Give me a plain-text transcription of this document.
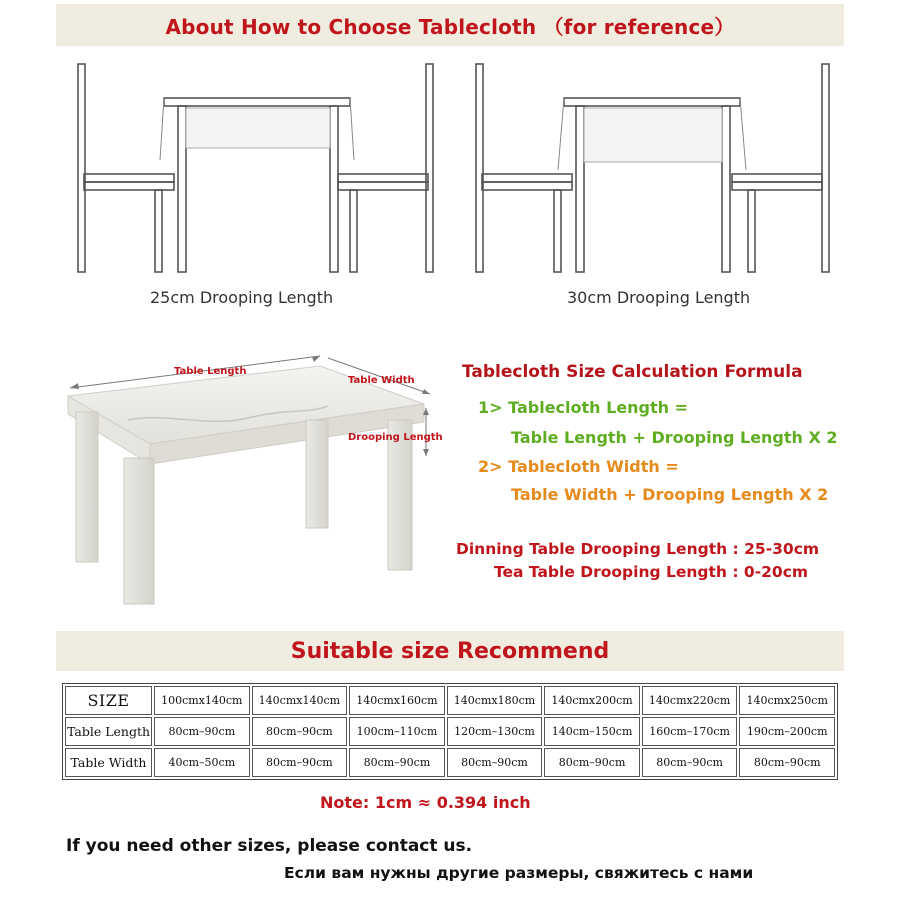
About How to Choose Tablecloth （for reference）
25cm Drooping Length	30cm Drooping Length
Table Length
Table Width
Drooping Length
Tablecloth Size Calculation Formula
1> Tablecloth Length =
Table Length + Drooping Length X 2
2> Tablecloth Width =
Table Width + Drooping Length X 2
Dinning Table Drooping Length : 25-30cm
Tea Table Drooping Length : 0-20cm
Suitable size Recommend
SIZE	100cmx140cm	140cmx140cm	140cmx160cm	140cmx180cm	140cmx200cm	140cmx220cm	140cmx250cm
Table Length	80cm–90cm	80cm–90cm	100cm–110cm	120cm–130cm	140cm–150cm	160cm–170cm	190cm–200cm
Table Width	40cm–50cm	80cm–90cm	80cm–90cm	80cm–90cm	80cm–90cm	80cm–90cm	80cm–90cm
Note: 1cm ≈ 0.394 inch
If you need other sizes, please contact us.
Если вам нужны другие размеры, свяжитесь с нами
